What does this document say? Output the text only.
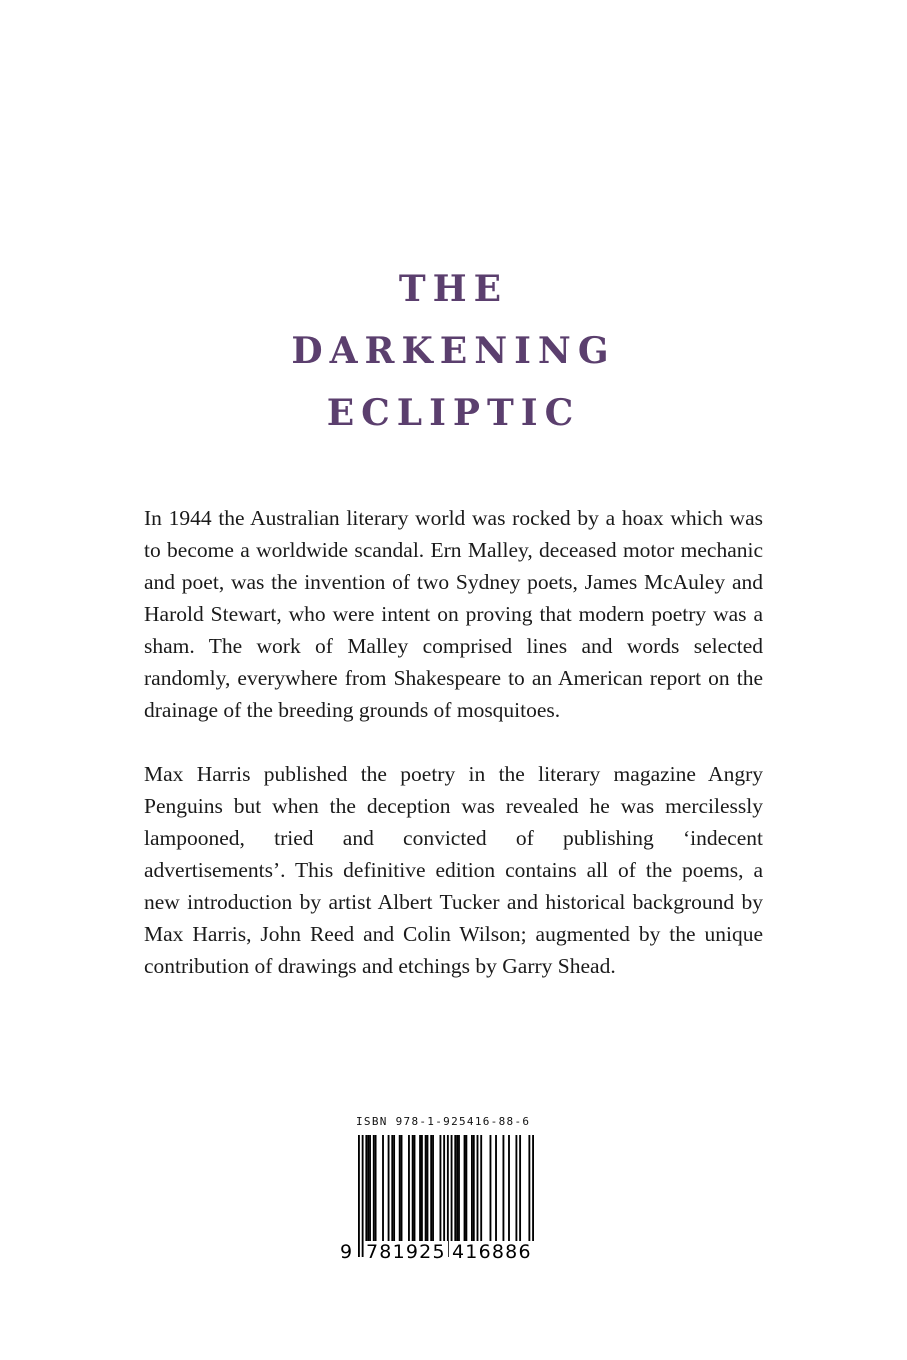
THE

DARKENING

ECLIPTIC

In 1944 the Australian literary world was rocked by a hoax which was to become a worldwide scandal. Ern Malley, deceased motor mechanic and poet, was the invention of two Sydney poets, James McAuley and Harold Stewart, who were intent on proving that modern poetry was a sham. The work of Malley comprised lines and words selected randomly, everywhere from Shakespeare to an American report on the drainage of the breeding grounds of mosquitoes.

Max Harris published the poetry in the literary magazine Angry Penguins but when the deception was revealed he was mercilessly lampooned, tried and convicted of publishing ‘indecent advertisements’. This definitive edition contains all of the poems, a new introduction by artist Albert Tucker and historical background by Max Harris, John Reed and Colin Wilson; augmented by the unique contribution of drawings and etchings by Garry Shead.

ISBN 978-1-925416-88-6
9 781925 416886
